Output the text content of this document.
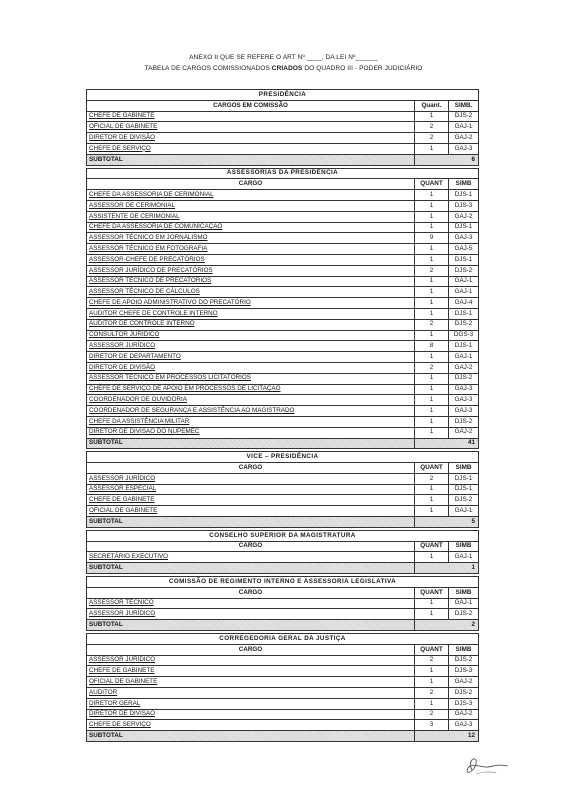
ANEXO II QUE SE REFERE O ART Nº ____, DA LEI Nº______
TABELA DE CARGOS COMISSIONADOS CRIADOS DO QUADRO III - PODER JUDICIÁRIO
PRESIDÊNCIA		
CARGOS EM COMISSÃO	Quant.	SIMB.
CHEFE DE GABINETE	1	DJS-2
OFICIAL DE GABINETE	2	GAJ-1
DIRETOR DE DIVISÃO	2	GAJ-2
CHEFE DE SERVIÇO	1	GAJ-3
SUBTOTAL	6	
ASSESSORIAS DA PRESIDÊNCIA		
CARGO	QUANT	SIMB
CHEFE DA ASSESSORIA DE CERIMONIAL	1	DJS-1
ASSESSOR DE CERIMONIAL	1	DJS-3
ASSISTENTE DE CERIMONIAL	1	GAJ-2
CHEFE DA ASSESSORIA DE COMUNICAÇÃO	1	DJS-1
ASSESSOR TÉCNICO EM JORNALISMO	9	GAJ-3
ASSESSOR TÉCNICO EM FOTOGRAFIA	1	GAJ-5
ASSESSOR-CHEFE DE PRECATÓRIOS	1	DJS-1
ASSESSOR JURÍDICO DE PRECATÓRIOS	2	DJS-2
ASSESSOR TÉCNICO DE PRECATÓRIOS	1	GAJ-1
ASSESSOR TÉCNICO DE CÁLCULOS	1	GAJ-1
CHEFE DE APOIO ADMINISTRATIVO DO PRECATÓRIO	1	GAJ-4
AUDITOR CHEFE DE CONTROLE INTERNO	1	DJS-1
AUDITOR DE CONTROLE INTERNO	2	DJS-2
CONSULTOR JURÍDICO	1	DGS-3
ASSESSOR JURÍDICO	8	DJS-1
DIRETOR DE DEPARTAMENTO	1	GAJ-1
DIRETOR DE DIVISÃO	2	GAJ-2
ASSESSOR TÉCNICO EM PROCESSOS LICITATÓRIOS	1	DJS-2
CHEFE DE SERVIÇO DE APOIO EM PROCESSOS DE LICITAÇÃO	1	GAJ-3
COORDENADOR DE OUVIDORIA	1	GAJ-3
COORDENADOR DE SEGURANÇA E ASSISTÊNCIA AO MAGISTRADO	1	GAJ-3
CHEFE DA ASSISTÊNCIA MILITAR	1	DJS-2
DIRETOR DE DIVISÃO DO NUPEMEC	1	GAJ-2
SUBTOTAL	41	
VICE – PRESIDÊNCIA		
CARGO	QUANT	SIMB
ASSESSOR JURÍDICO	2	DJS-1
ASSESSOR ESPECIAL	1	DJS-1
CHEFE DE GABINETE	1	DJS-2
OFICIAL DE GABINETE	1	GAJ-1
SUBTOTAL	5	
CONSELHO SUPERIOR DA MAGISTRATURA		
CARGO	QUANT	SIMB
SECRETÁRIO EXECUTIVO	1	GAJ-1
SUBTOTAL	1	
COMISSÃO DE REGIMENTO INTERNO E ASSESSORIA LEGISLATIVA		
CARGO	QUANT	SIMB
ASSESSOR TÉCNICO	1	GAJ-1
ASSESSOR JURÍDICO	1	DJS-2
SUBTOTAL	2	
CORREGEDORIA GERAL DA JUSTIÇA		
CARGO	QUANT	SIMB
ASSESSOR JURÍDICO	2	DJS-2
CHEFE DE GABINETE	1	DJS-3
OFICIAL DE GABINETE	1	GAJ-2
AUDITOR	2	DJS-2
DIRETOR GERAL	1	DJS-3
DIRETOR DE DIVISÃO	2	GAJ-2
CHEFE DE SERVIÇO	3	GAJ-3
SUBTOTAL	12	
